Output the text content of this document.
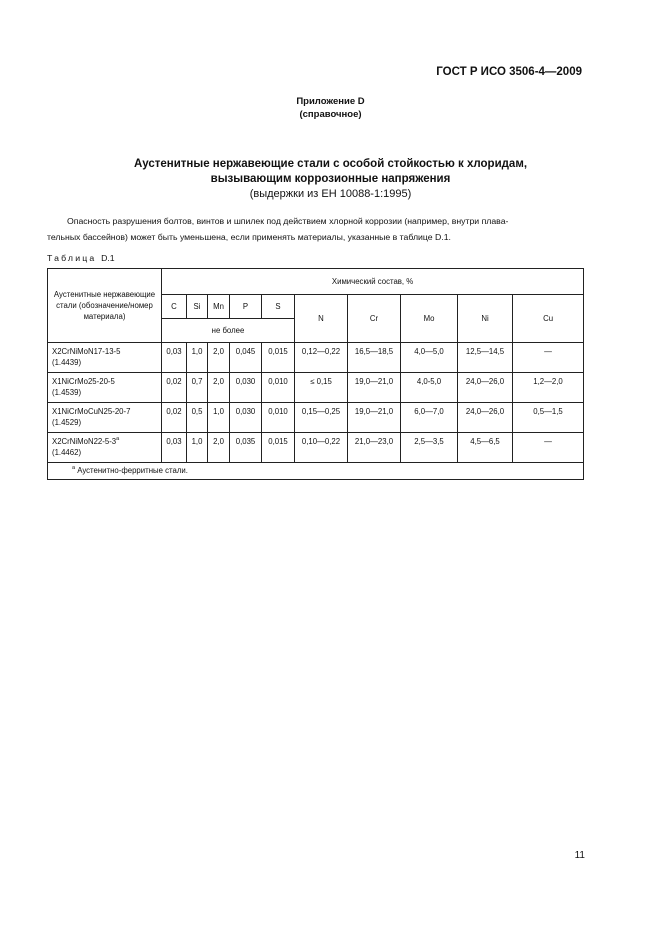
ГОСТ Р ИСО 3506-4—2009
Приложение D
(справочное)
Аустенитные нержавеющие стали с особой стойкостью к хлоридам,
вызывающим коррозионные напряжения
(выдержки из ЕН 10088-1:1995)
Опасность разрушения болтов, винтов и шпилек под действием хлорной коррозии (например, внутри плава-
тельных бассейнов) может быть уменьшена, если применять материалы, указанные в таблице D.1.
Таблица D.1
Аустенитные нержавеющие стали (обозначение/номер материала)	Химический состав, %									
	C	Si	Mn	P	S	N	Cr	Mo	Ni	Cu
	не более									
X2CrNiMoN17-13-5
(1.4439)	0,03	1,0	2,0	0,045	0,015	0,12—0,22	16,5—18,5	4,0—5,0	12,5—14,5	—
X1NiCrMo25-20-5
(1.4539)	0,02	0,7	2,0	0,030	0,010	≤ 0,15	19,0—21,0	4,0-5,0	24,0—26,0	1,2—2,0
X1NiCrMoCuN25-20-7
(1.4529)	0,02	0,5	1,0	0,030	0,010	0,15—0,25	19,0—21,0	6,0—7,0	24,0—26,0	0,5—1,5
X2CrNiMoN22-5-3$^a$
(1.4462)	0,03	1,0	2,0	0,035	0,015	0,10—0,22	21,0—23,0	2,5—3,5	4,5—6,5	—
$^a$ Аустенитно-ферритные стали.										
11
